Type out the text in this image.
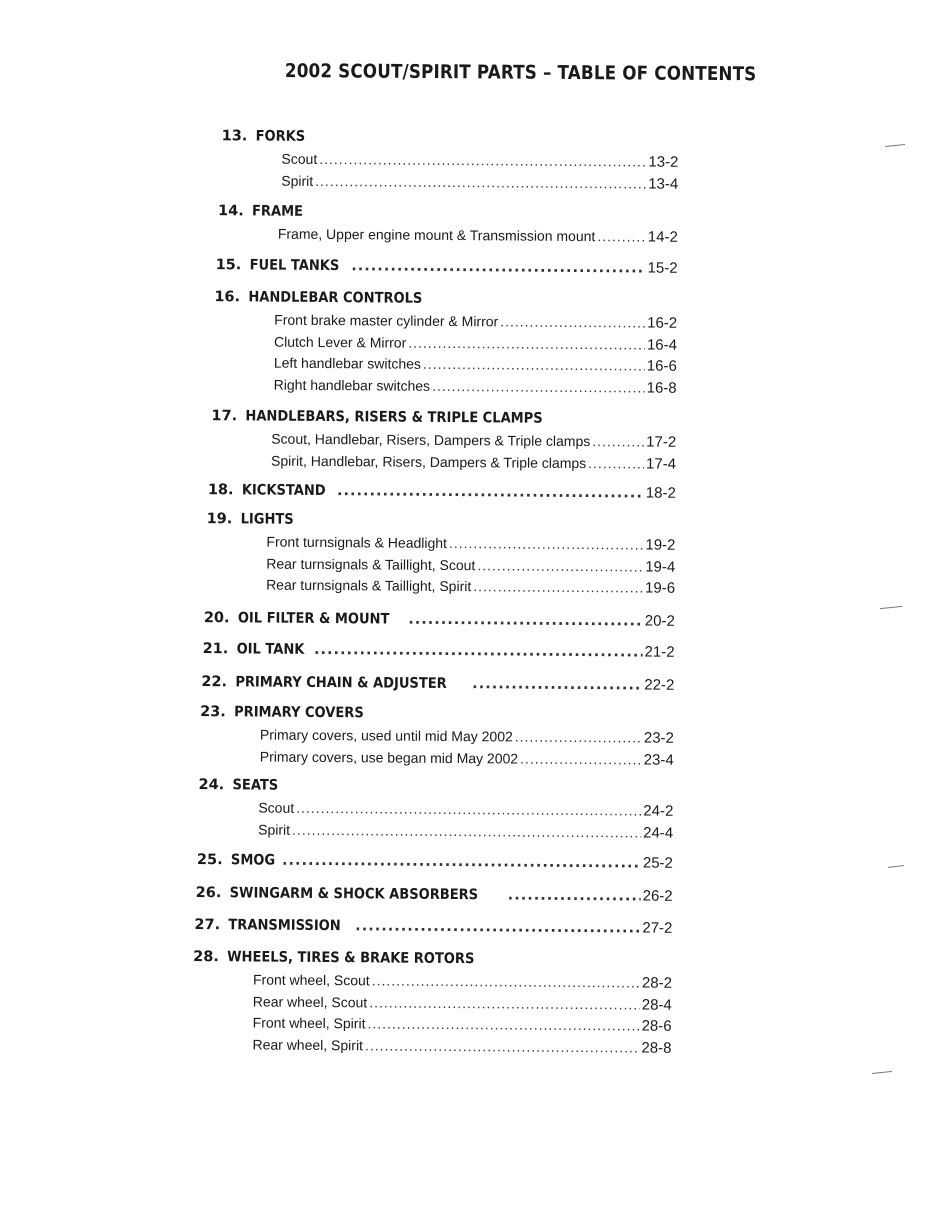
2002 SCOUT/SPIRIT PARTS – TABLE OF CONTENTS
13. FORKS
Scout .....	13-2
Spirit .....	13-4
14. FRAME
Frame, Upper engine mount & Transmission mount .....	14-2
15. FUEL TANKS .....	15-2
16. HANDLEBAR CONTROLS
Front brake master cylinder & Mirror .....	16-2
Clutch Lever & Mirror .....	16-4
Left handlebar switches .....	16-6
Right handlebar switches .....	16-8
17. HANDLEBARS, RISERS & TRIPLE CLAMPS
Scout, Handlebar, Risers, Dampers & Triple clamps .....	17-2
Spirit, Handlebar, Risers, Dampers & Triple clamps .....	17-4
18. KICKSTAND .....	18-2
19. LIGHTS
Front turnsignals & Headlight .....	19-2
Rear turnsignals & Taillight, Scout .....	19-4
Rear turnsignals & Taillight, Spirit .....	19-6
20. OIL FILTER & MOUNT .....	20-2
21. OIL TANK .....	21-2
22. PRIMARY CHAIN & ADJUSTER .....	22-2
23. PRIMARY COVERS
Primary covers, used until mid May 2002 .....	23-2
Primary covers, use began mid May 2002 .....	23-4
24. SEATS
Scout .....	24-2
Spirit .....	24-4
25. SMOG .....	25-2
26. SWINGARM & SHOCK ABSORBERS .....	26-2
27. TRANSMISSION .....	27-2
28. WHEELS, TIRES & BRAKE ROTORS
Front wheel, Scout .....	28-2
Rear wheel, Scout .....	28-4
Front wheel, Spirit .....	28-6
Rear wheel, Spirit .....	28-8
